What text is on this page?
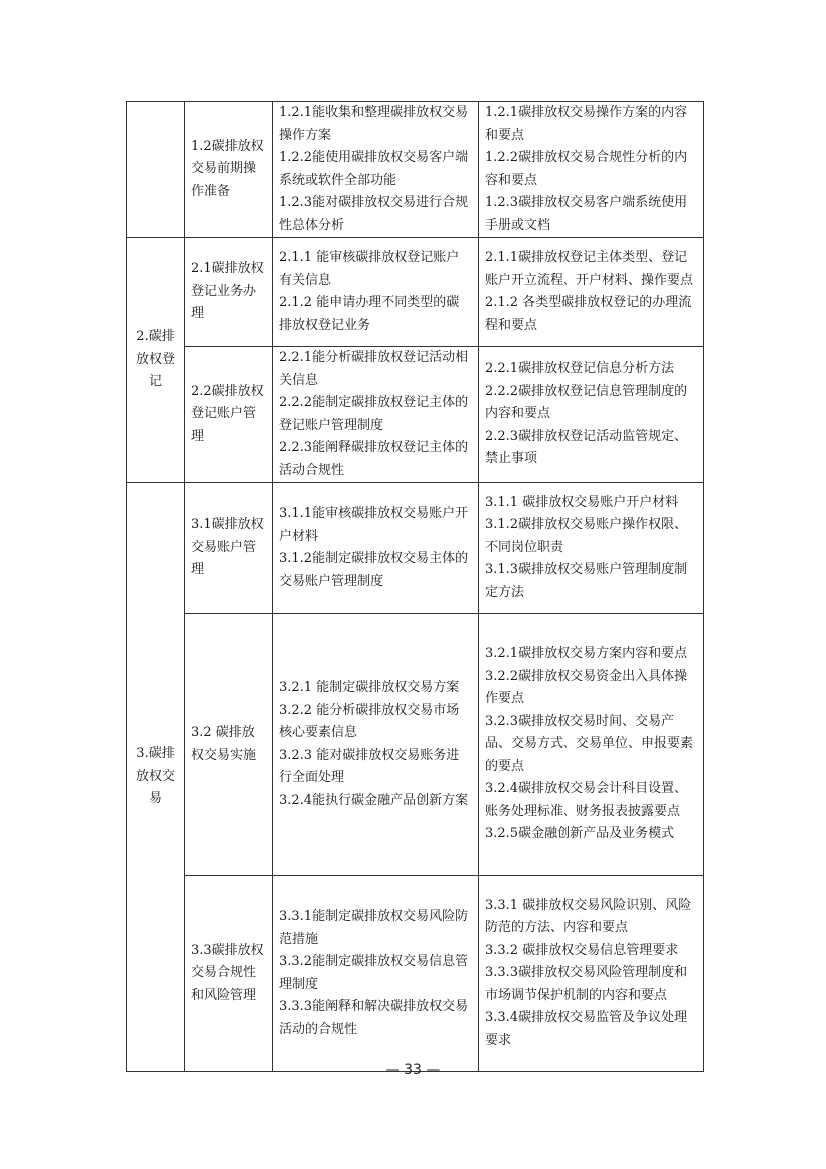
	1.2碳排放权交易前期操作准备	1.2.1能收集和整理碳排放权交易操作方案
1.2.2能使用碳排放权交易客户端系统或软件全部功能
1.2.3能对碳排放权交易进行合规性总体分析	1.2.1碳排放权交易操作方案的内容和要点
1.2.2碳排放权交易合规性分析的内容和要点
1.2.3碳排放权交易客户端系统使用手册或文档

2.碳排放权登记	2.1碳排放权登记业务办理	2.1.1 能审核碳排放权登记账户有关信息
2.1.2 能申请办理不同类型的碳排放权登记业务	2.1.1碳排放权登记主体类型、登记账户开立流程、开户材料、操作要点
2.1.2 各类型碳排放权登记的办理流程和要点

	2.2碳排放权登记账户管理	2.2.1能分析碳排放权登记活动相关信息
2.2.2能制定碳排放权登记主体的登记账户管理制度
2.2.3能阐释碳排放权登记主体的活动合规性	2.2.1碳排放权登记信息分析方法
2.2.2碳排放权登记信息管理制度的内容和要点
2.2.3碳排放权登记活动监管规定、禁止事项

3.碳排放权交易	3.1碳排放权交易账户管理	3.1.1能审核碳排放权交易账户开户材料
3.1.2能制定碳排放权交易主体的交易账户管理制度	3.1.1 碳排放权交易账户开户材料
3.1.2碳排放权交易账户操作权限、不同岗位职责
3.1.3碳排放权交易账户管理制度制定方法

	3.2 碳排放权交易实施	3.2.1 能制定碳排放权交易方案
3.2.2 能分析碳排放权交易市场核心要素信息
3.2.3 能对碳排放权交易账务进行全面处理
3.2.4能执行碳金融产品创新方案	3.2.1碳排放权交易方案内容和要点
3.2.2碳排放权交易资金出入具体操作要点
3.2.3碳排放权交易时间、交易产品、交易方式、交易单位、申报要素的要点
3.2.4碳排放权交易会计科目设置、账务处理标准、财务报表披露要点
3.2.5碳金融创新产品及业务模式

	3.3碳排放权交易合规性和风险管理	3.3.1能制定碳排放权交易风险防范措施
3.3.2能制定碳排放权交易信息管理制度
3.3.3能阐释和解决碳排放权交易活动的合规性	3.3.1 碳排放权交易风险识别、风险防范的方法、内容和要点
3.3.2 碳排放权交易信息管理要求
3.3.3碳排放权交易风险管理制度和市场调节保护机制的内容和要点
3.3.4碳排放权交易监管及争议处理要求
— 33 —
